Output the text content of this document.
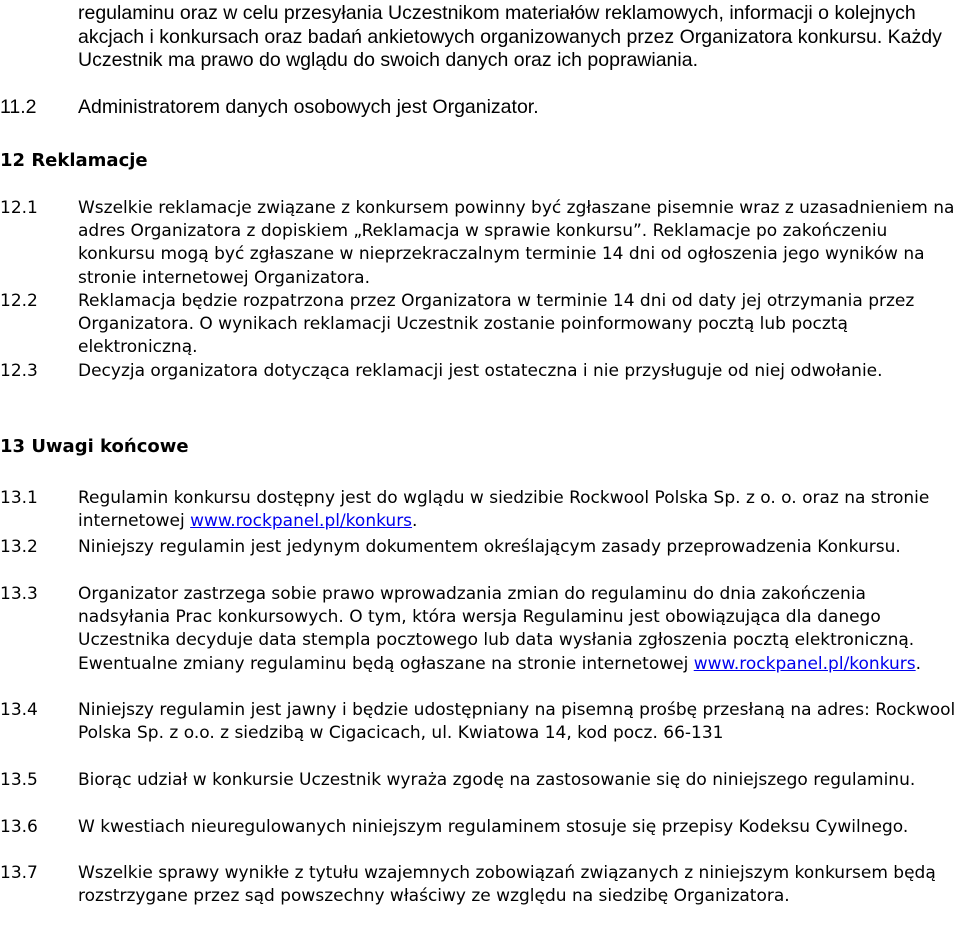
regulaminu oraz w celu przesyłania Uczestnikom materiałów reklamowych, informacji o kolejnych akcjach i konkursach oraz badań ankietowych organizowanych przez Organizatora konkursu. Każdy Uczestnik ma prawo do wglądu do swoich danych oraz ich poprawiania.
11.2	Administratorem danych osobowych jest Organizator.
12 Reklamacje
12.1	Wszelkie reklamacje związane z konkursem powinny być zgłaszane pisemnie wraz z uzasadnieniem na adres Organizatora z dopiskiem „Reklamacja w sprawie konkursu”. Reklamacje po zakończeniu konkursu mogą być zgłaszane w nieprzekraczalnym terminie 14 dni od ogłoszenia jego wyników na stronie internetowej Organizatora.
12.2	Reklamacja będzie rozpatrzona przez Organizatora w terminie 14 dni od daty jej otrzymania przez Organizatora. O wynikach reklamacji Uczestnik zostanie poinformowany pocztą lub pocztą elektroniczną.
12.3	Decyzja organizatora dotycząca reklamacji jest ostateczna i nie przysługuje od niej odwołanie.
13 Uwagi końcowe
13.1	Regulamin konkursu dostępny jest do wglądu w siedzibie Rockwool Polska Sp. z o. o. oraz na stronie internetowej www.rockpanel.pl/konkurs.
13.2	Niniejszy regulamin jest jedynym dokumentem określającym zasady przeprowadzenia Konkursu.
13.3	Organizator zastrzega sobie prawo wprowadzania zmian do regulaminu do dnia zakończenia nadsyłania Prac konkursowych. O tym, która wersja Regulaminu jest obowiązująca dla danego Uczestnika decyduje data stempla pocztowego lub data wysłania zgłoszenia pocztą elektroniczną. Ewentualne zmiany regulaminu będą ogłaszane na stronie internetowej www.rockpanel.pl/konkurs.
13.4	Niniejszy regulamin jest jawny i będzie udostępniany na pisemną prośbę przesłaną na adres: Rockwool Polska Sp. z o.o. z siedzibą w Cigacicach, ul. Kwiatowa 14, kod pocz. 66-131
13.5	Biorąc udział w konkursie Uczestnik wyraża zgodę na zastosowanie się do niniejszego regulaminu.
13.6	W kwestiach nieuregulowanych niniejszym regulaminem stosuje się przepisy Kodeksu Cywilnego.
13.7	Wszelkie sprawy wynikłe z tytułu wzajemnych zobowiązań związanych z niniejszym konkursem będą rozstrzygane przez sąd powszechny właściwy ze względu na siedzibę Organizatora.
